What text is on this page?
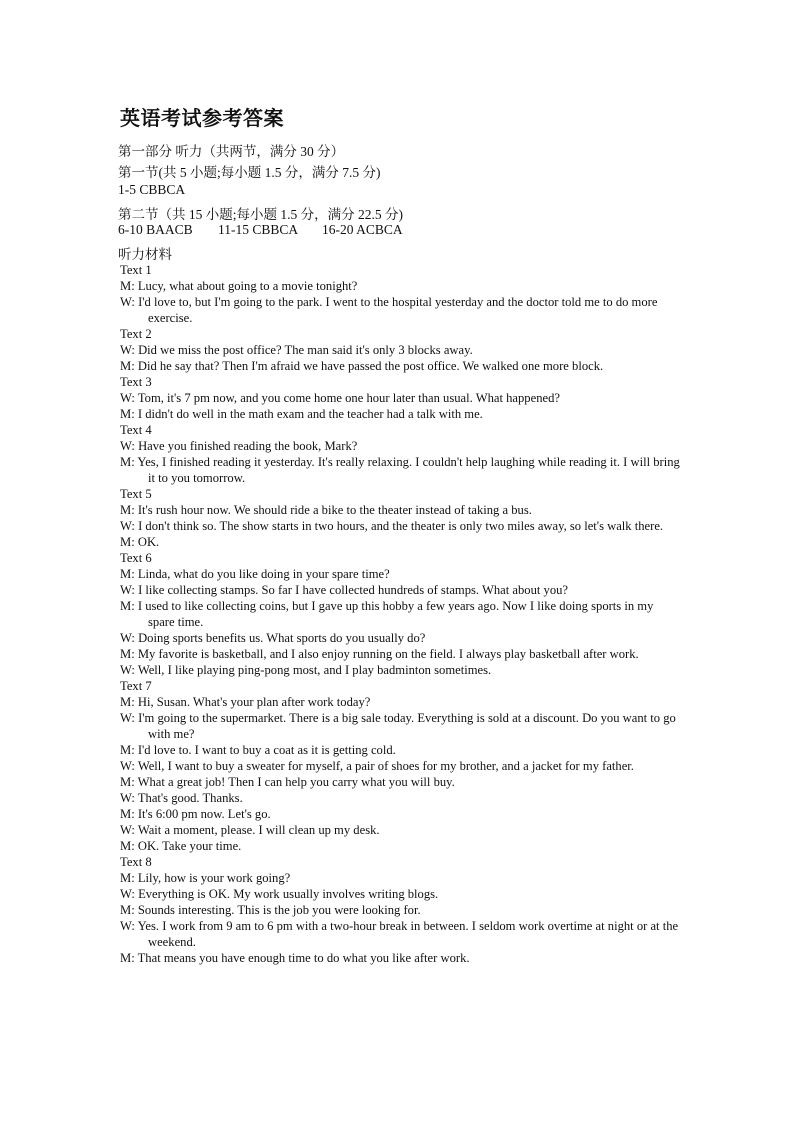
英语考试参考答案
第一部分 听力（共两节，满分 30 分）
第一节(共 5 小题;每小题 1.5 分，满分 7.5 分)
1-5 CBBCA
第二节（共 15 小题;每小题 1.5 分，满分 22.5 分)
6-10 BAACB 11-15 CBBCA 16-20 ACBCA
听力材料
Text 1
M: Lucy, what about going to a movie tonight?
W: I'd love to, but I'm going to the park. I went to the hospital yesterday and the doctor told me to do more exercise.
Text 2
W: Did we miss the post office? The man said it's only 3 blocks away.
M: Did he say that? Then I'm afraid we have passed the post office. We walked one more block.
Text 3
W: Tom, it's 7 pm now, and you come home one hour later than usual. What happened?
M: I didn't do well in the math exam and the teacher had a talk with me.
Text 4
W: Have you finished reading the book, Mark?
M: Yes, I finished reading it yesterday. It's really relaxing. I couldn't help laughing while reading it. I will bring it to you tomorrow.
Text 5
M: It's rush hour now. We should ride a bike to the theater instead of taking a bus.
W: I don't think so. The show starts in two hours, and the theater is only two miles away, so let's walk there.
M: OK.
Text 6
M: Linda, what do you like doing in your spare time?
W: I like collecting stamps. So far I have collected hundreds of stamps. What about you?
M: I used to like collecting coins, but I gave up this hobby a few years ago. Now I like doing sports in my spare time.
W: Doing sports benefits us. What sports do you usually do?
M: My favorite is basketball, and I also enjoy running on the field. I always play basketball after work.
W: Well, I like playing ping-pong most, and I play badminton sometimes.
Text 7
M: Hi, Susan. What's your plan after work today?
W: I'm going to the supermarket. There is a big sale today. Everything is sold at a discount. Do you want to go with me?
M: I'd love to. I want to buy a coat as it is getting cold.
W: Well, I want to buy a sweater for myself, a pair of shoes for my brother, and a jacket for my father.
M: What a great job! Then I can help you carry what you will buy.
W: That's good. Thanks.
M: It's 6:00 pm now. Let's go.
W: Wait a moment, please. I will clean up my desk.
M: OK. Take your time.
Text 8
M: Lily, how is your work going?
W: Everything is OK. My work usually involves writing blogs.
M: Sounds interesting. This is the job you were looking for.
W: Yes. I work from 9 am to 6 pm with a two-hour break in between. I seldom work overtime at night or at the weekend.
M: That means you have enough time to do what you like after work.
